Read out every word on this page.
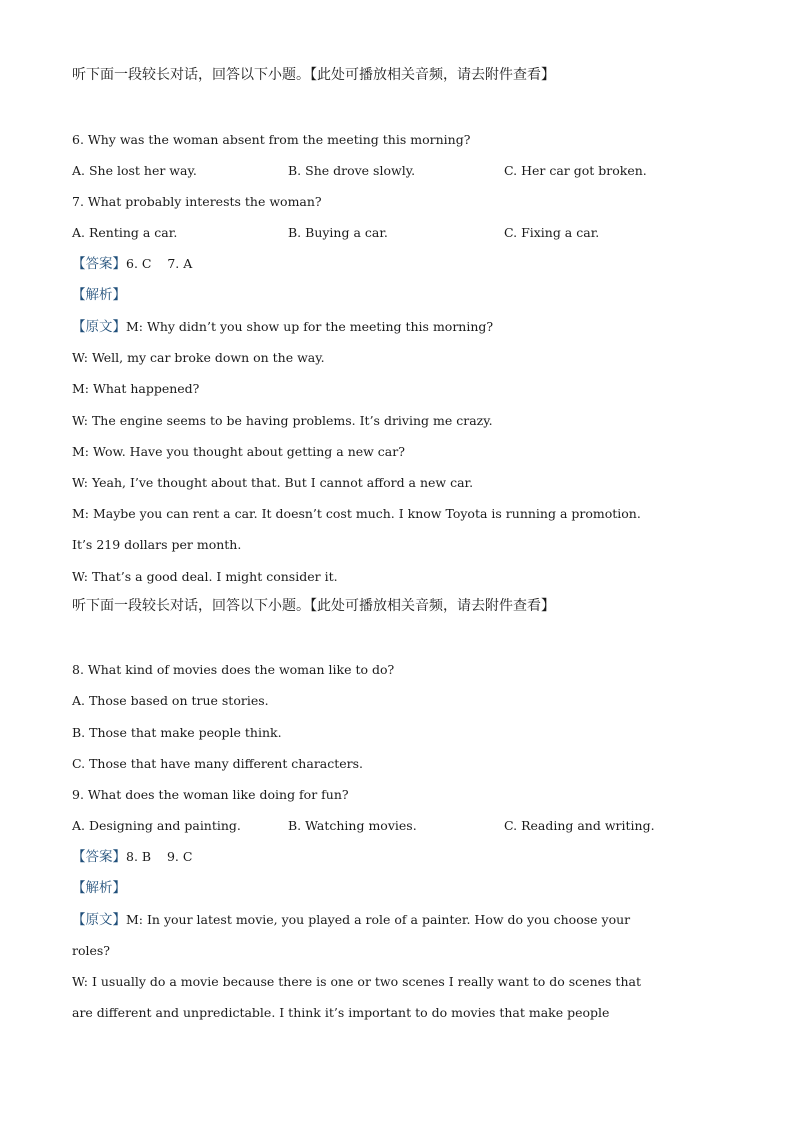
听下面一段较长对话，回答以下小题。【此处可播放相关音频，请去附件查看】
6. Why was the woman absent from the meeting this morning?
A. She lost her way.	B. She drove slowly.	C. Her car got broken.
7. What probably interests the woman?
A. Renting a car.	B. Buying a car.	C. Fixing a car.
【答案】6. C    7. A
【解析】
【原文】M: Why didn’t you show up for the meeting this morning?
W: Well, my car broke down on the way.
M: What happened?
W: The engine seems to be having problems. It’s driving me crazy.
M: Wow. Have you thought about getting a new car?
W: Yeah, I’ve thought about that. But I cannot afford a new car.
M: Maybe you can rent a car. It doesn’t cost much. I know Toyota is running a promotion.
It’s 219 dollars per month.
W: That’s a good deal. I might consider it.
听下面一段较长对话，回答以下小题。【此处可播放相关音频，请去附件查看】
8. What kind of movies does the woman like to do?
A. Those based on true stories.
B. Those that make people think.
C. Those that have many different characters.
9. What does the woman like doing for fun?
A. Designing and painting.	B. Watching movies.	C. Reading and writing.
【答案】8. B    9. C
【解析】
【原文】M: In your latest movie, you played a role of a painter. How do you choose your
roles?
W: I usually do a movie because there is one or two scenes I really want to do scenes that
are different and unpredictable. I think it’s important to do movies that make people
